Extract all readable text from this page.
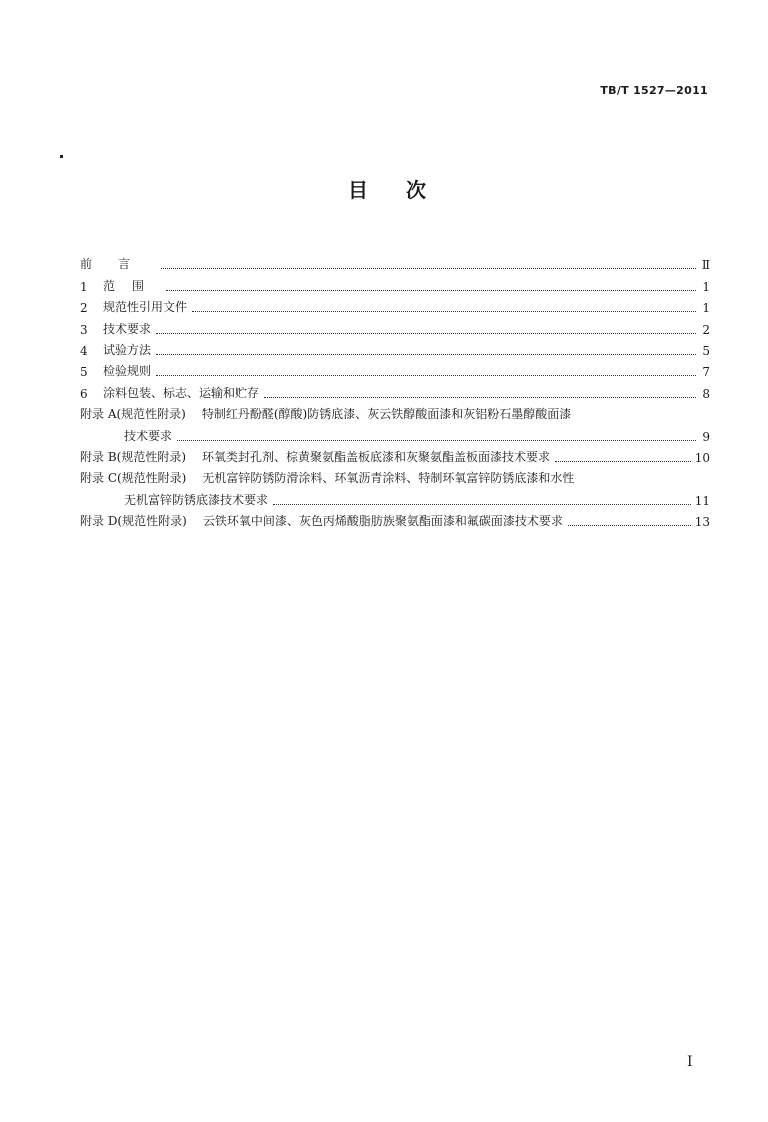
TB/T 1527—2011
目 次
前言	Ⅱ
1	范围	1
2	规范性引用文件	1
3	技术要求	2
4	试验方法	5
5	检验规则	7
6	涂料包装、标志、运输和贮存	8
附录 A(规范性附录) 特制红丹酚醛(醇酸)防锈底漆、灰云铁醇酸面漆和灰铝粉石墨醇酸面漆
技术要求	9
附录 B(规范性附录) 环氧类封孔剂、棕黄聚氨酯盖板底漆和灰聚氨酯盖板面漆技术要求	10
附录 C(规范性附录) 无机富锌防锈防滑涂料、环氧沥青涂料、特制环氧富锌防锈底漆和水性
无机富锌防锈底漆技术要求	11
附录 D(规范性附录) 云铁环氧中间漆、灰色丙烯酸脂肪族聚氨酯面漆和氟碳面漆技术要求	13
Ⅰ
